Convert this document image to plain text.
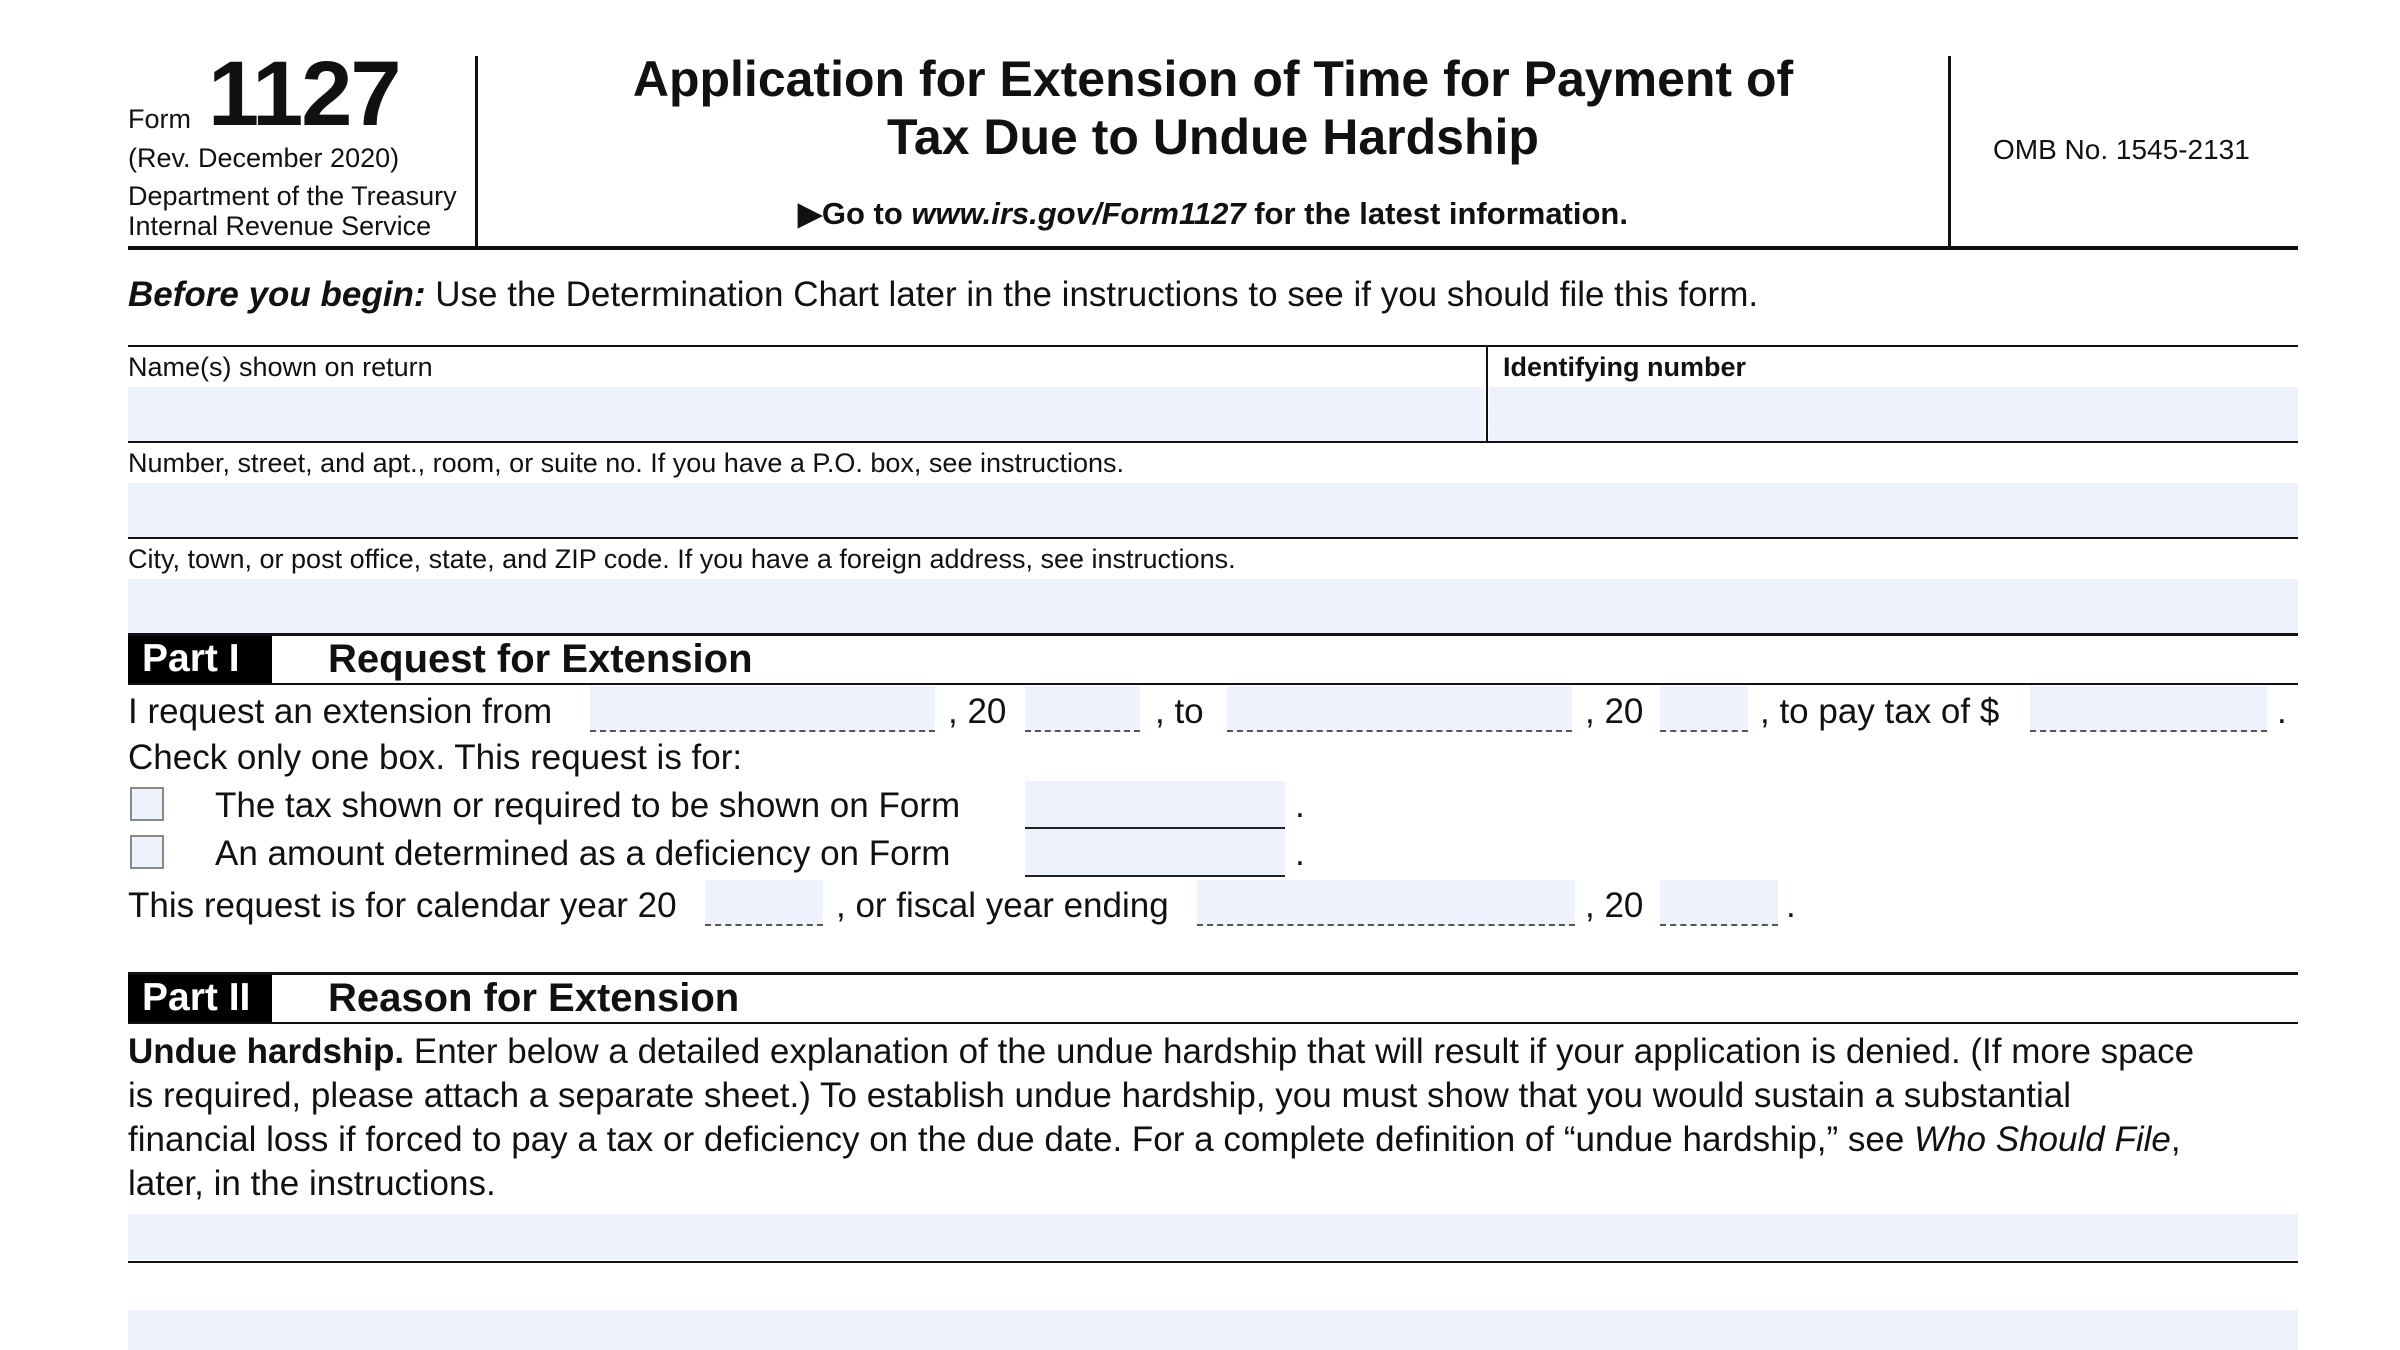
Form 1127
(Rev. December 2020)
Department of the Treasury
Internal Revenue Service
Application for Extension of Time for Payment of
Tax Due to Undue Hardship
▶Go to www.irs.gov/Form1127 for the latest information.
OMB No. 1545-2131
Before you begin: Use the Determination Chart later in the instructions to see if you should file this form.
Name(s) shown on return	Identifying number
Number, street, and apt., room, or suite no. If you have a P.O. box, see instructions.
City, town, or post office, state, and ZIP code. If you have a foreign address, see instructions.
Part I	Request for Extension
I request an extension from	, 20	, to	, 20	, to pay tax of $	.
Check only one box. This request is for:
The tax shown or required to be shown on Form	.
An amount determined as a deficiency on Form	.
This request is for calendar year 20	, or fiscal year ending	, 20	.
Part II	Reason for Extension
Undue hardship. Enter below a detailed explanation of the undue hardship that will result if your application is denied. (If more space
is required, please attach a separate sheet.) To establish undue hardship, you must show that you would sustain a substantial
financial loss if forced to pay a tax or deficiency on the due date. For a complete definition of “undue hardship,” see Who Should File,
later, in the instructions.
